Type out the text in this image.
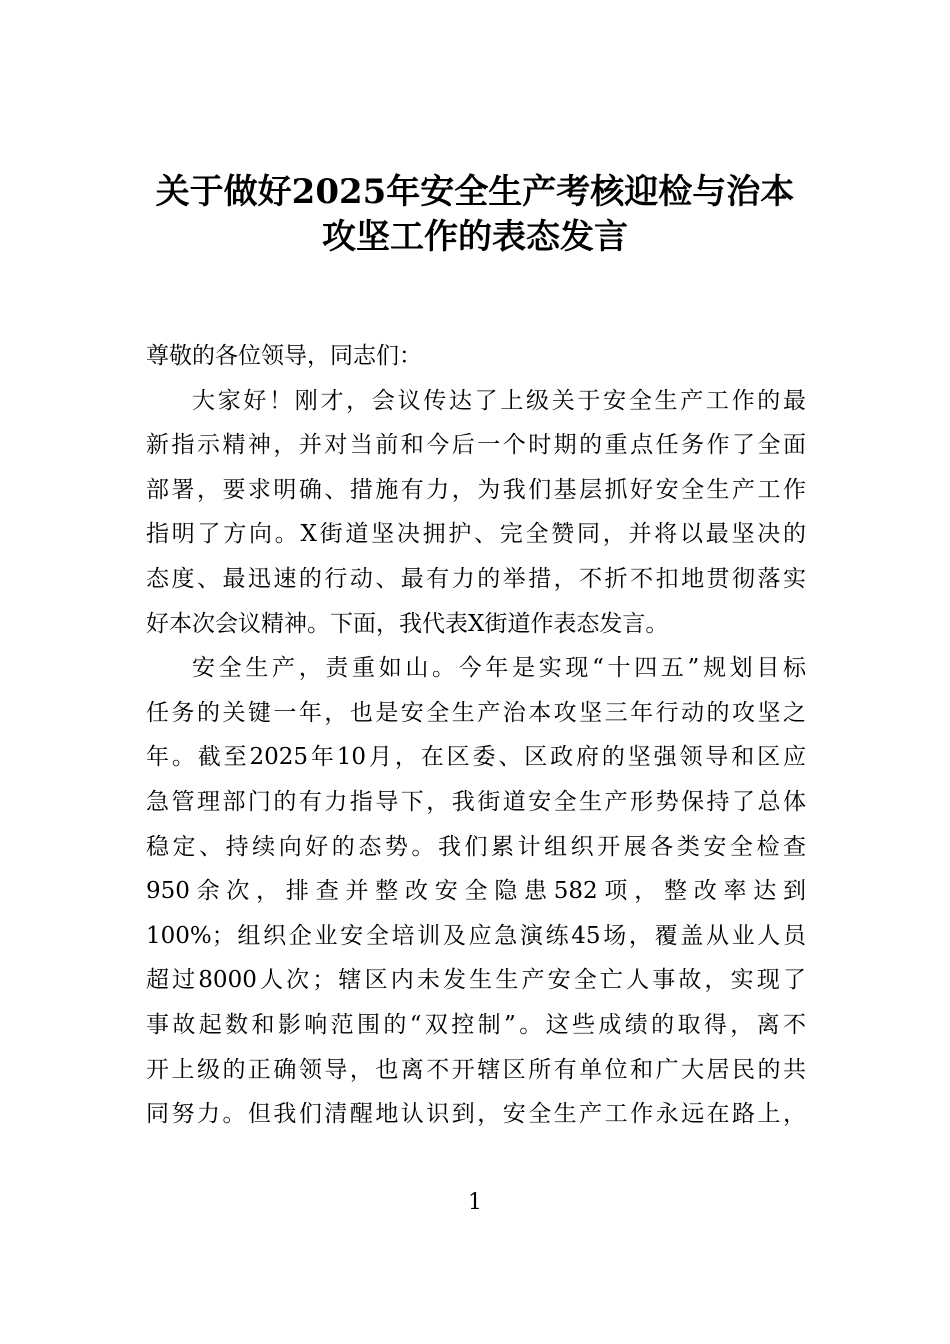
关于做好2025年安全生产考核迎检与治本
攻坚工作的表态发言
尊敬的各位领导，同志们：
大家好！刚才，会议传达了上级关于安全生产工作的最
新指示精神，并对当前和今后一个时期的重点任务作了全面
部署，要求明确、措施有力，为我们基层抓好安全生产工作
指明了方向。X街道坚决拥护、完全赞同，并将以最坚决的
态度、最迅速的行动、最有力的举措，不折不扣地贯彻落实
好本次会议精神。下面，我代表X街道作表态发言。
安全生产，责重如山。今年是实现“十四五”规划目标
任务的关键一年，也是安全生产治本攻坚三年行动的攻坚之
年。截至2025年10月，在区委、区政府的坚强领导和区应
急管理部门的有力指导下，我街道安全生产形势保持了总体
稳定、持续向好的态势。我们累计组织开展各类安全检查
950余次，排查并整改安全隐患582项，整改率达到
100%；组织企业安全培训及应急演练45场，覆盖从业人员
超过8000人次；辖区内未发生生产安全亡人事故，实现了
事故起数和影响范围的“双控制”。这些成绩的取得，离不
开上级的正确领导，也离不开辖区所有单位和广大居民的共
同努力。但我们清醒地认识到，安全生产工作永远在路上，
1
